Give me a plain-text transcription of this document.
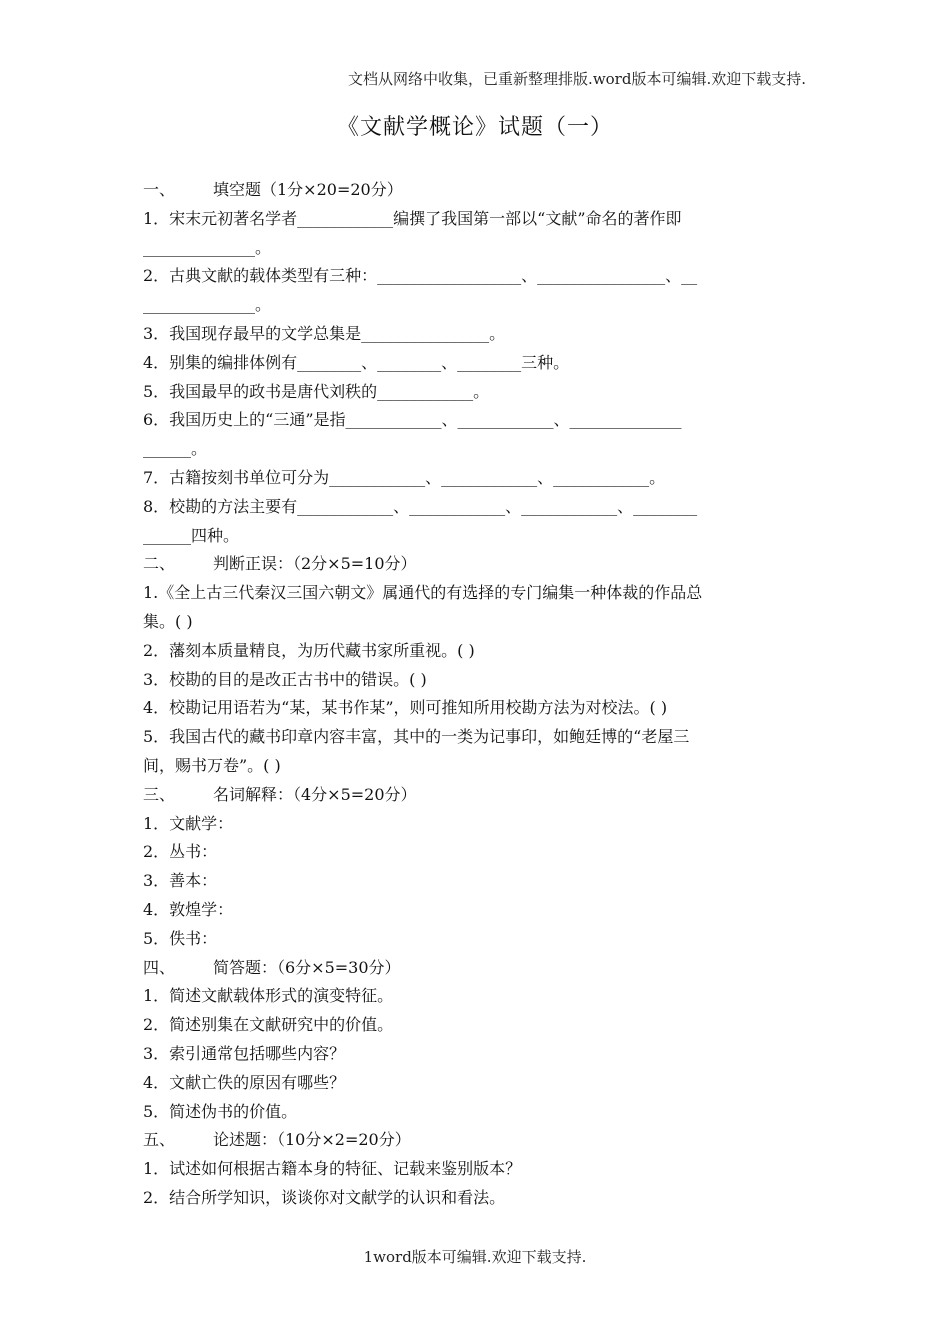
文档从网络中收集，已重新整理排版.word版本可编辑.欢迎下载支持.
《文献学概论》试题（一）
一、 填空题（1分×20=20分）
1．宋末元初著名学者____________编撰了我国第一部以“文献”命名的著作即
______________。
2．古典文献的载体类型有三种：__________________、________________、__
______________。
3．我国现存最早的文学总集是________________。
4．别集的编排体例有________、________、________三种。
5．我国最早的政书是唐代刘秩的____________。
6．我国历史上的“三通”是指____________、____________、______________
______。
7．古籍按刻书单位可分为____________、____________、____________。
8．校勘的方法主要有____________、____________、____________、________
______四种。
二、 判断正误：（2分×5=10分）
1.《全上古三代秦汉三国六朝文》属通代的有选择的专门编集一种体裁的作品总
集。( )
2．藩刻本质量精良，为历代藏书家所重视。( )
3．校勘的目的是改正古书中的错误。( )
4．校勘记用语若为“某，某书作某”，则可推知所用校勘方法为对校法。( )
5．我国古代的藏书印章内容丰富，其中的一类为记事印，如鲍廷博的“老屋三
间，赐书万卷”。( )
三、 名词解释：（4分×5=20分）
1．文献学：
2．丛书：
3．善本：
4．敦煌学：
5．佚书：
四、 简答题：（6分×5=30分）
1．简述文献载体形式的演变特征。
2．简述别集在文献研究中的价值。
3．索引通常包括哪些内容？
4．文献亡佚的原因有哪些？
5．简述伪书的价值。
五、 论述题：（10分×2=20分）
1．试述如何根据古籍本身的特征、记载来鉴别版本？
2．结合所学知识，谈谈你对文献学的认识和看法。
1word版本可编辑.欢迎下载支持.
